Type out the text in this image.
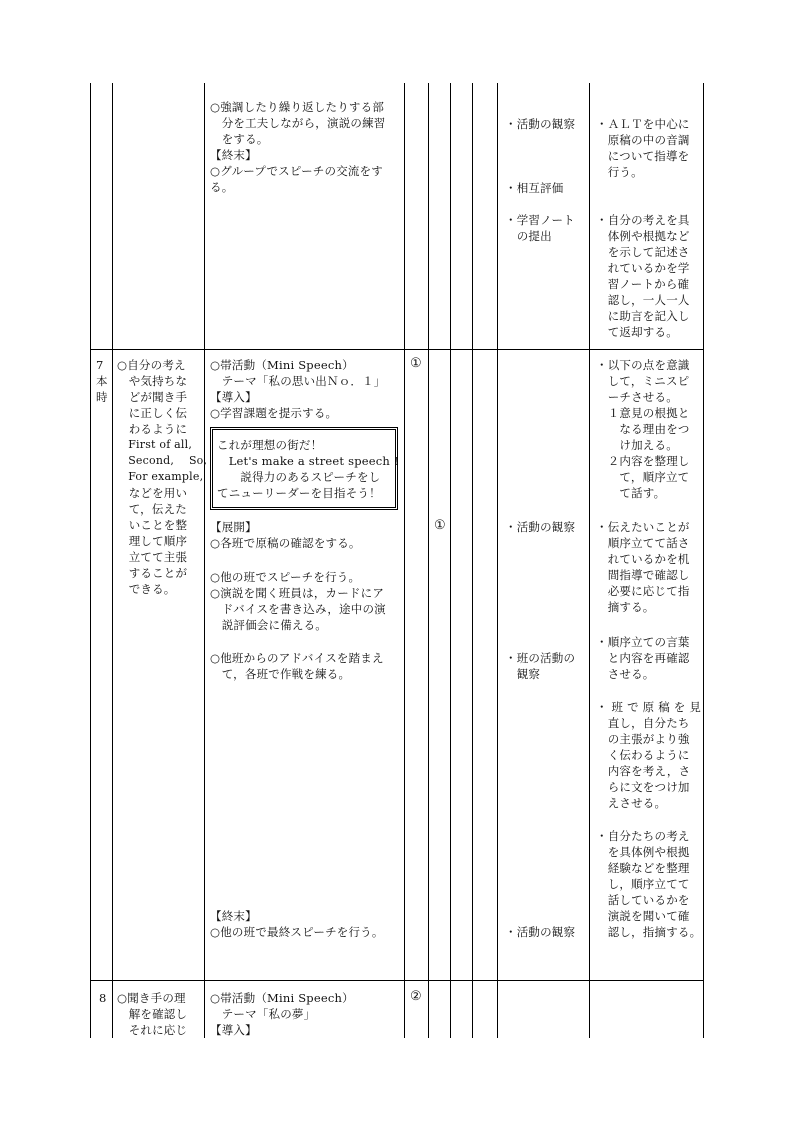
○強調したり繰り返したりする部
　分を工夫しながら，演説の練習
　をする。
【終末】
○グループでスピーチの交流をす
る。
・活動の観察
・相互評価
・学習ノート
　の提出
・ＡＬＴを中心に
　原稿の中の音調
　について指導を
　行う。
・自分の考えを具
　体例や根拠など
　を示して記述さ
　れているかを学
　習ノートから確
　認し，一人一人
　に助言を記入し
　て返却する。
7
本
時
○自分の考え
　や気持ちな
　どが聞き手
　に正しく伝
　わるように
　First of all,
　Second,　 So,
　For example,
　などを用い
　て，伝えた
　いことを整
　理して順序
　立てて主張
　することが
　できる。
○帯活動（Mini Speech）
　テーマ「私の思い出Ｎｏ．１」
【導入】
○学習課題を提示する。
これが理想の街だ！
　Let's make a street speech !
　　説得力のあるスピーチをし
てニューリーダーを目指そう！
【展開】
○各班で原稿の確認をする。
○他の班でスピーチを行う。
○演説を聞く班員は，カードにア
　ドバイスを書き込み，途中の演
　説評価会に備える。
○他班からのアドバイスを踏まえ
　て，各班で作戦を練る。
【終末】
○他の班で最終スピーチを行う。
①
①	・活動の観察
・班の活動の
　観察
・活動の観察
・以下の点を意識
　して，ミニスピ
　ーチさせる。
　１意見の根拠と
　　なる理由をつ
　　け加える。
　２内容を整理し
　　て，順序立て
　　て話す。
・伝えたいことが
　順序立てて話さ
　れているかを机
　間指導で確認し
　必要に応じて指
　摘する。
・順序立ての言葉
　と内容を再確認
　させる。
・ 班 で 原 稿 を 見
　直し，自分たち
　の主張がより強
　く伝わるように
　内容を考え，さ
　らに文をつけ加
　えさせる。
・自分たちの考え
　を具体例や根拠
　経験などを整理
　し，順序立てて
　話しているかを
　演説を聞いて確
　認し，指摘する。
8 ○聞き手の理
　解を確認し
　それに応じ
○帯活動（Mini Speech）
　テーマ「私の夢」
【導入】
②
